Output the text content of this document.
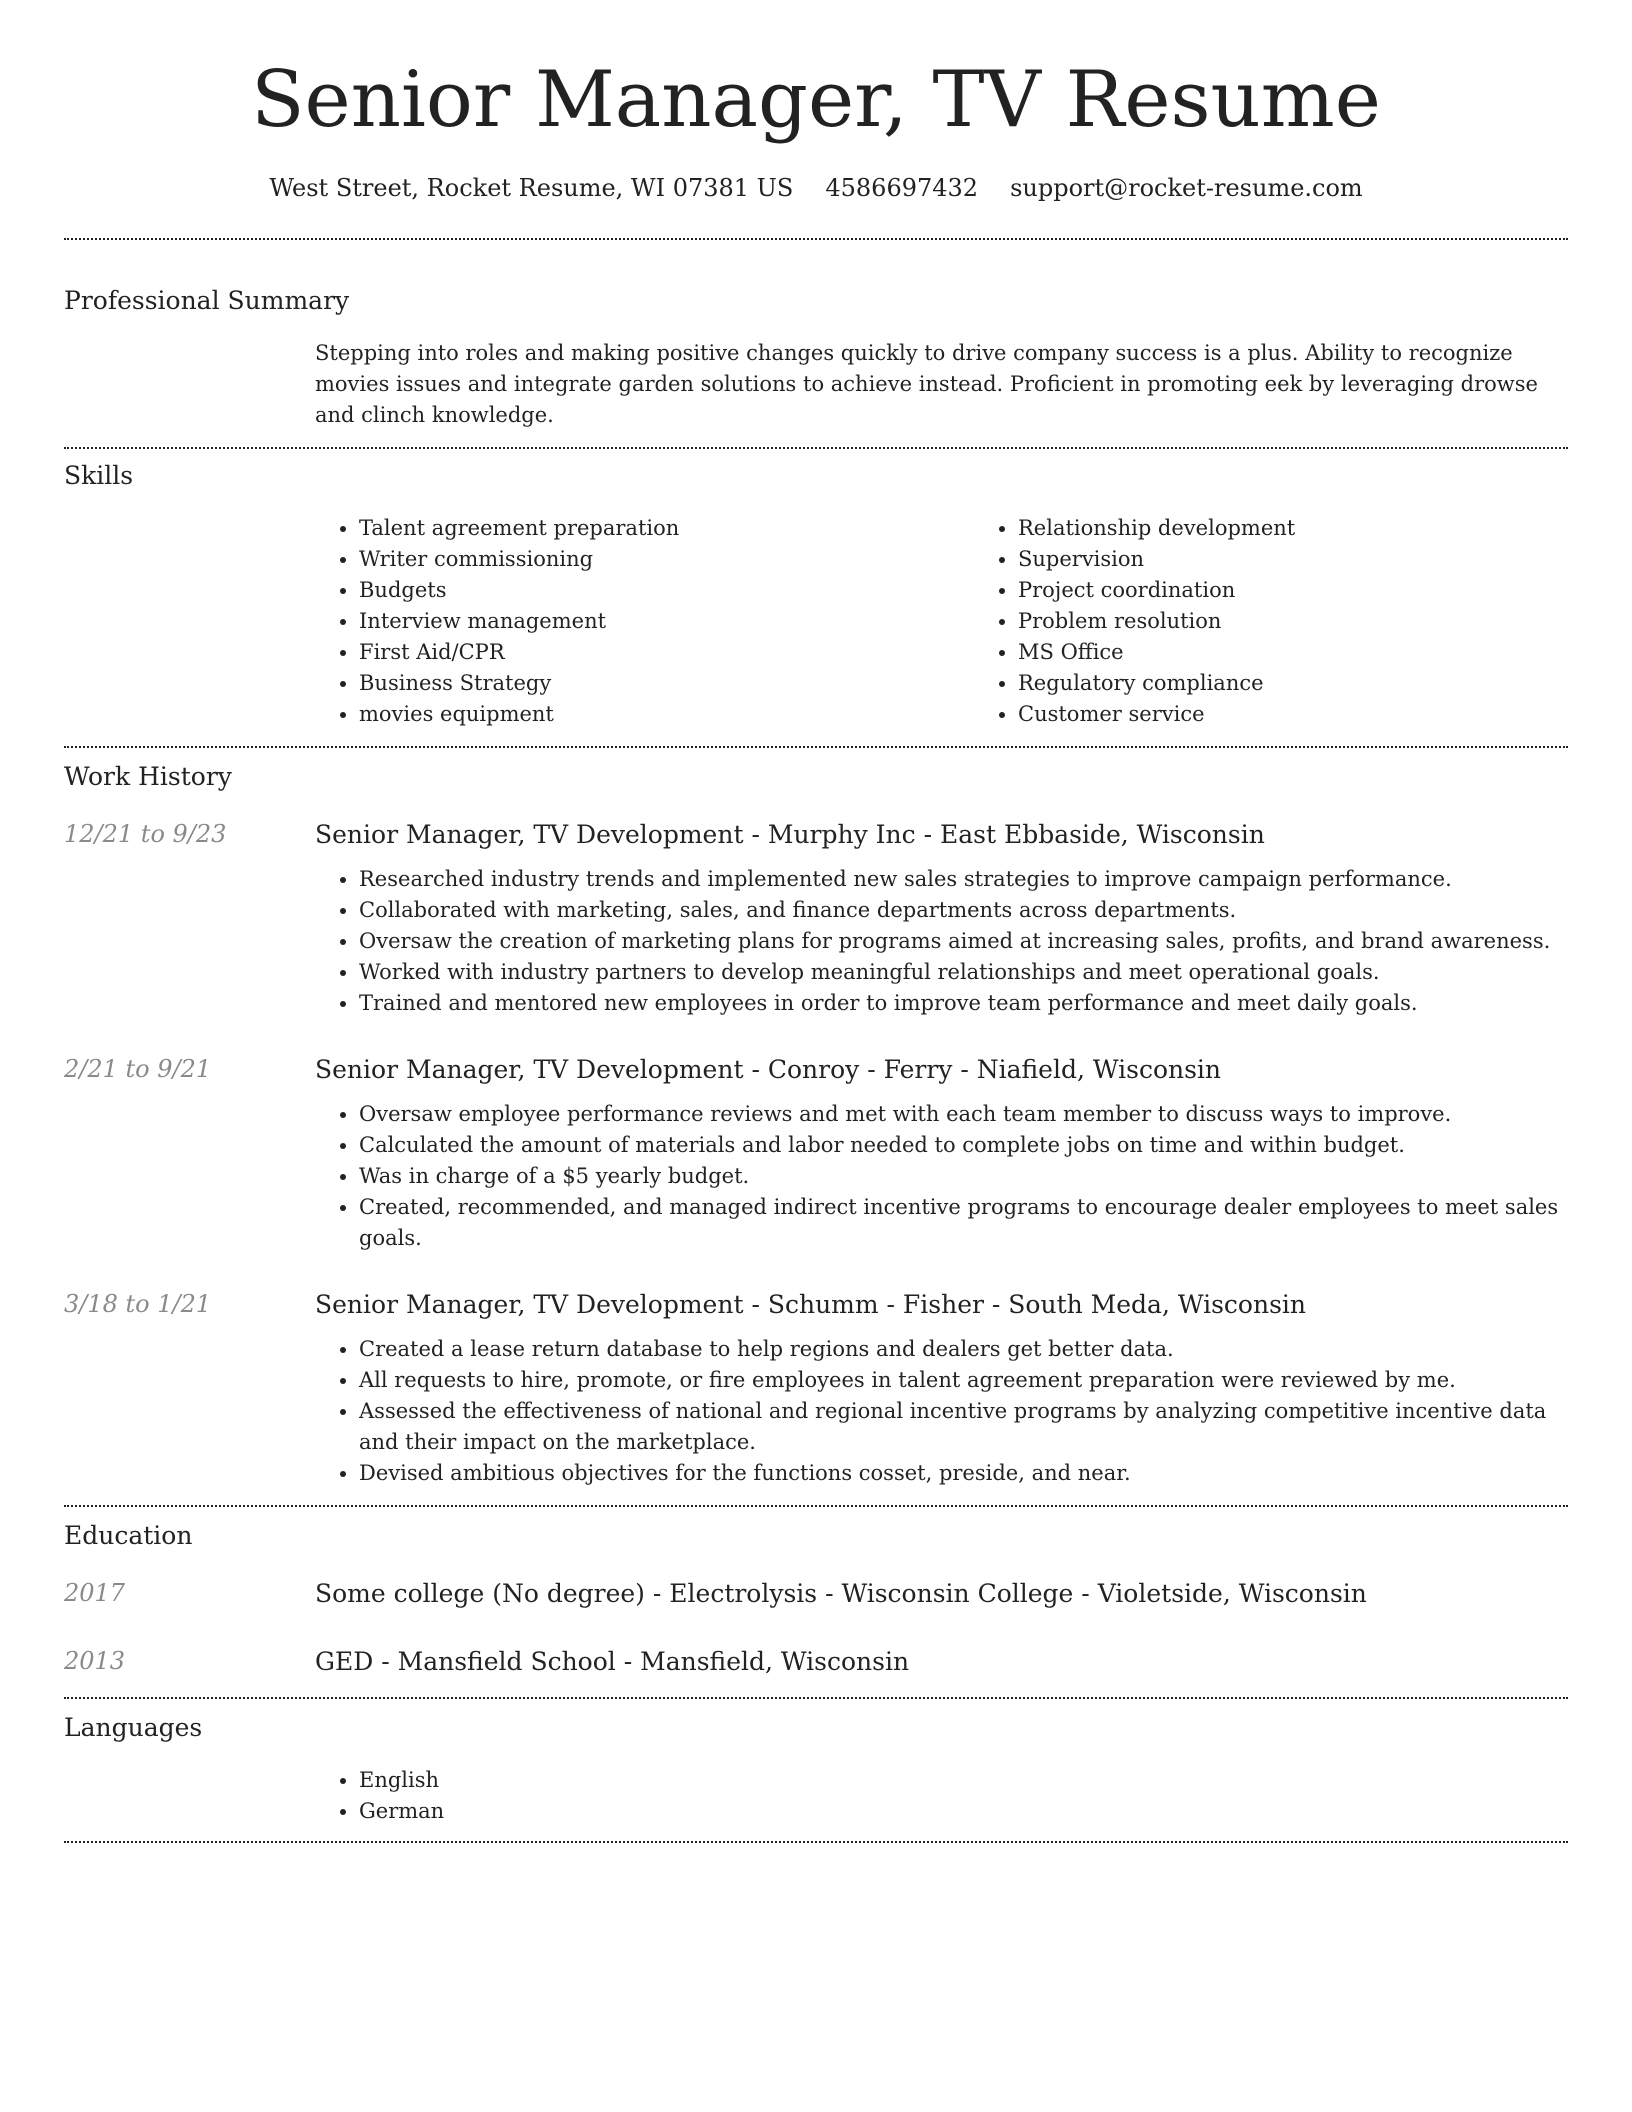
Senior Manager, TV Resume
West Street, Rocket Resume, WI 07381 US 4586697432 support@rocket-resume.com
Professional Summary

Stepping into roles and making positive changes quickly to drive company success is a plus. Ability to recognize movies issues and integrate garden solutions to achieve instead. Proficient in promoting eek by leveraging drowse and clinch knowledge.

Skills
• Talent agreement preparation
• Writer commissioning
• Budgets
• Interview management
• First Aid/CPR
• Business Strategy
• movies equipment
• Relationship development
• Supervision
• Project coordination
• Problem resolution
• MS Office
• Regulatory compliance
• Customer service
Work History
12/21 to 9/23	Senior Manager, TV Development - Murphy Inc - East Ebbaside, Wisconsin
• Researched industry trends and implemented new sales strategies to improve campaign performance.
• Collaborated with marketing, sales, and finance departments across departments.
• Oversaw the creation of marketing plans for programs aimed at increasing sales, profits, and brand awareness.
• Worked with industry partners to develop meaningful relationships and meet operational goals.
• Trained and mentored new employees in order to improve team performance and meet daily goals.
2/21 to 9/21	Senior Manager, TV Development - Conroy - Ferry - Niafield, Wisconsin
• Oversaw employee performance reviews and met with each team member to discuss ways to improve.
• Calculated the amount of materials and labor needed to complete jobs on time and within budget.
• Was in charge of a $5 yearly budget.
• Created, recommended, and managed indirect incentive programs to encourage dealer employees to meet sales goals.
3/18 to 1/21	Senior Manager, TV Development - Schumm - Fisher - South Meda, Wisconsin
• Created a lease return database to help regions and dealers get better data.
• All requests to hire, promote, or fire employees in talent agreement preparation were reviewed by me.
• Assessed the effectiveness of national and regional incentive programs by analyzing competitive incentive data and their impact on the marketplace.
• Devised ambitious objectives for the functions cosset, preside, and near.
Education
2017	Some college (No degree) - Electrolysis - Wisconsin College - Violetside, Wisconsin
2013	GED - Mansfield School - Mansfield, Wisconsin
Languages
• English
• German
